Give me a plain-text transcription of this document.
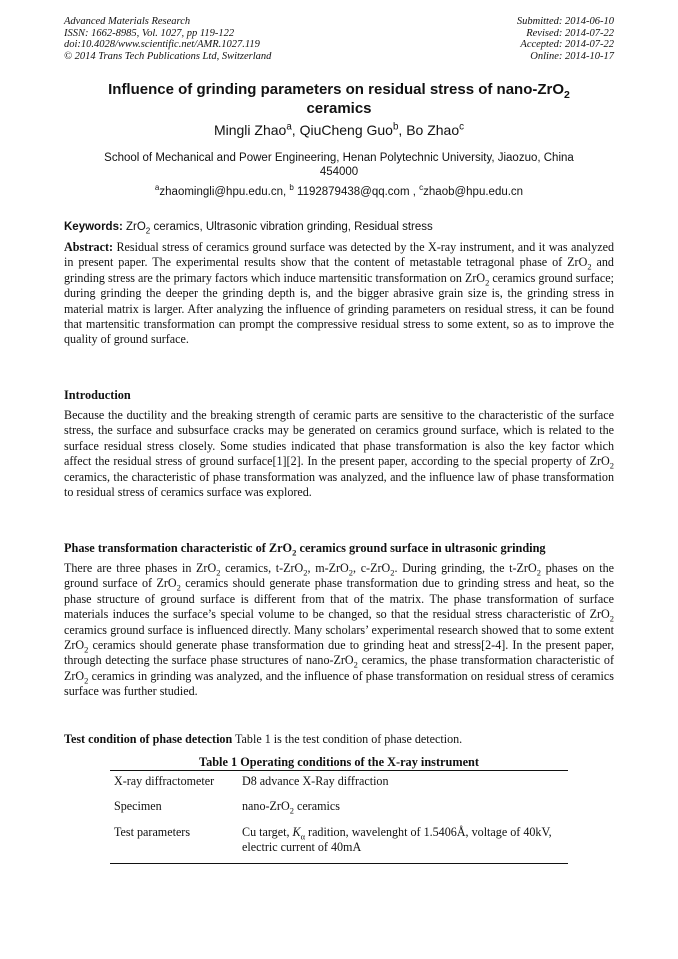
Advanced Materials Research
ISSN: 1662-8985, Vol. 1027, pp 119-122
doi:10.4028/www.scientific.net/AMR.1027.119
© 2014 Trans Tech Publications Ltd, Switzerland
Submitted: 2014-06-10
Revised: 2014-07-22
Accepted: 2014-07-22
Online: 2014-10-17
Influence of grinding parameters on residual stress of nano-ZrO$_2$
ceramics
Mingli Zhao$^a$, QiuCheng Guo$^b$, Bo Zhao$^c$
School of Mechanical and Power Engineering, Henan Polytechnic University, Jiaozuo, China
454000
$^a$zhaomingli@hpu.edu.cn, $^b$ 1192879438@qq.com , $^c$zhaob@hpu.edu.cn
Keywords: ZrO$_2$ ceramics, Ultrasonic vibration grinding, Residual stress
Abstract: Residual stress of ceramics ground surface was detected by the X-ray instrument, and it was analyzed in present paper. The experimental results show that the content of metastable tetragonal phase of ZrO$_2$ and grinding stress are the primary factors which induce martensitic transformation on ZrO$_2$ ceramics ground surface; during grinding the deeper the grinding depth is, and the bigger abrasive grain size is, the grinding stress in material matrix is larger. After analyzing the influence of grinding parameters on residual stress, it can be found that martensitic transformation can prompt the compressive residual stress to some extent, so as to improve the quality of ground surface.
Introduction
Because the ductility and the breaking strength of ceramic parts are sensitive to the characteristic of the surface stress, the surface and subsurface cracks may be generated on ceramics ground surface, which is related to the surface residual stress closely. Some studies indicated that phase transformation is also the key factor which affect the residual stress of ground surface[1][2]. In the present paper, according to the special property of ZrO$_2$ ceramics, the characteristic of phase transformation was analyzed, and the influence law of phase transformation to residual stress of ceramics surface was explored.
Phase transformation characteristic of ZrO$_2$ ceramics ground surface in ultrasonic grinding
There are three phases in ZrO$_2$ ceramics, t-ZrO$_2$, m-ZrO$_2$, c-ZrO$_2$. During grinding, the t-ZrO$_2$ phases on the ground surface of ZrO$_2$ ceramics should generate phase transformation due to grinding stress and heat, so the phase structure of ground surface is different from that of the matrix. The phase transformation of surface materials induces the surface’s special volume to be changed, so that the residual stress characteristic of ZrO$_2$ ceramics ground surface is influenced directly. Many scholars’ experimental research showed that to some extent ZrO$_2$ ceramics should generate phase transformation due to grinding heat and stress[2-4]. In the present paper, through detecting the surface phase structures of nano-ZrO$_2$ ceramics, the phase transformation characteristic of ZrO$_2$ ceramics in grinding was analyzed, and the influence of phase transformation on residual stress of ceramics surface was further studied.
Test condition of phase detection Table 1 is the test condition of phase detection.
Table 1 Operating conditions of the X-ray instrument
X-ray diffractometer	D8 advance X-Ray diffraction
Specimen	nano-ZrO$_2$ ceramics
Test parameters	Cu target, $K_\alpha$ radition, wavelenght of 1.5406Å, voltage of 40kV, electric current of 40mA
